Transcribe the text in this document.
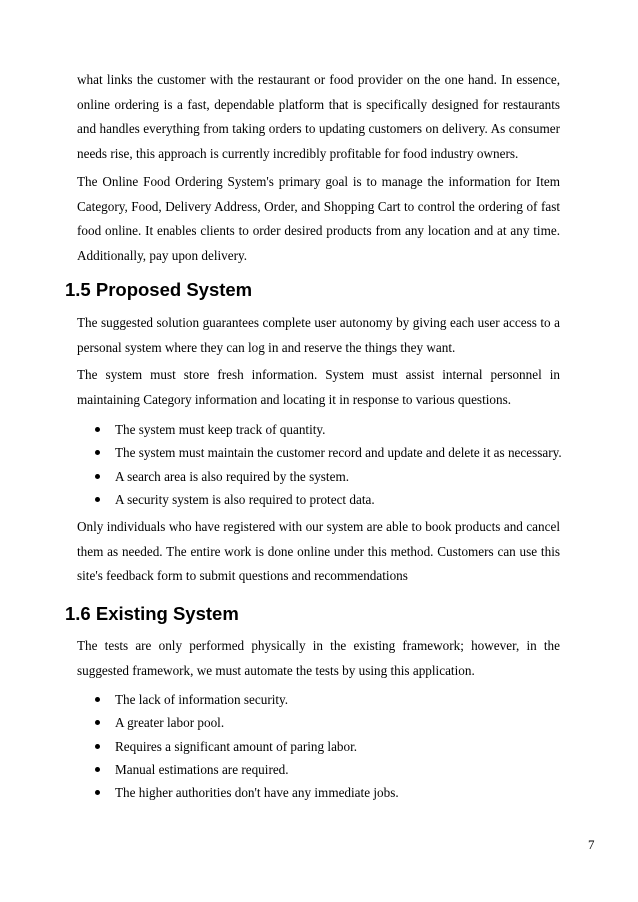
what links the customer with the restaurant or food provider on the one hand. In essence, online ordering is a fast, dependable platform that is specifically designed for restaurants and handles everything from taking orders to updating customers on delivery. As consumer needs rise, this approach is currently incredibly profitable for food industry owners.

The Online Food Ordering System's primary goal is to manage the information for Item Category, Food, Delivery Address, Order, and Shopping Cart to control the ordering of fast food online. It enables clients to order desired products from any location and at any time. Additionally, pay upon delivery.

1.5 Proposed System

The suggested solution guarantees complete user autonomy by giving each user access to a personal system where they can log in and reserve the things they want.

The system must store fresh information. System must assist internal personnel in maintaining Category information and locating it in response to various questions.

The system must keep track of quantity.
The system must maintain the customer record and update and delete it as necessary.
A search area is also required by the system.
A security system is also required to protect data.

Only individuals who have registered with our system are able to book products and cancel them as needed. The entire work is done online under this method. Customers can use this site's feedback form to submit questions and recommendations

1.6 Existing System

The tests are only performed physically in the existing framework; however, in the suggested framework, we must automate the tests by using this application.

The lack of information security.
A greater labor pool.
Requires a significant amount of paring labor.
Manual estimations are required.
The higher authorities don't have any immediate jobs.
7
